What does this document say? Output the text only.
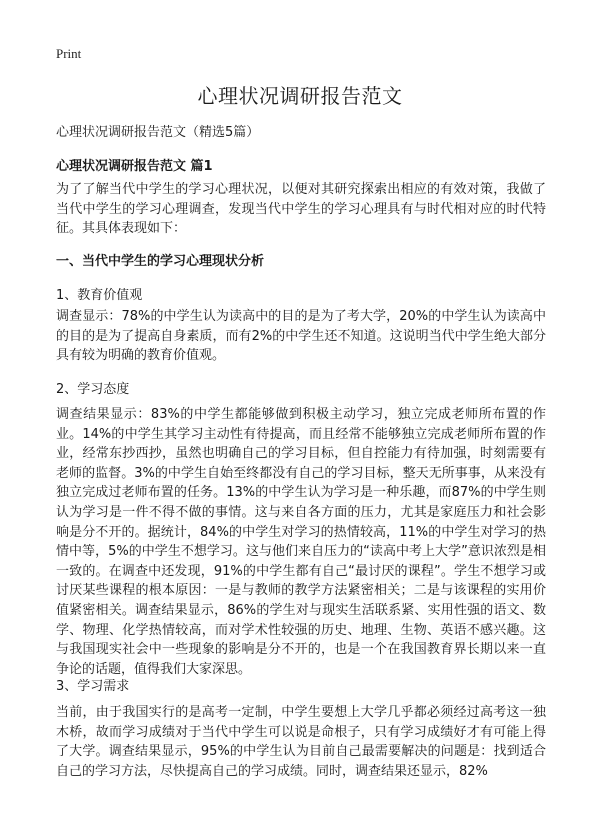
Print
心理状况调研报告范文

心理状况调研报告范文（精选5篇）

心理状况调研报告范文 篇1

为了了解当代中学生的学习心理状况，以便对其研究探索出相应的有效对策，我做了当代中学生的学习心理调查，发现当代中学生的学习心理具有与时代相对应的时代特征。其具体表现如下：

一、当代中学生的学习心理现状分析

1、教育价值观

调查显示：78%的中学生认为读高中的目的是为了考大学，20%的中学生认为读高中的目的是为了提高自身素质，而有2%的中学生还不知道。这说明当代中学生绝大部分具有较为明确的教育价值观。

2、学习态度

调查结果显示：83%的中学生都能够做到积极主动学习，独立完成老师所布置的作业。14%的中学生其学习主动性有待提高，而且经常不能够独立完成老师所布置的作业，经常东抄西抄，虽然也明确自己的学习目标，但自控能力有待加强，时刻需要有老师的监督。3%的中学生自始至终都没有自己的学习目标，整天无所事事，从来没有独立完成过老师布置的任务。13%的中学生认为学习是一种乐趣，而87%的中学生则认为学习是一件不得不做的事情。这与来自各方面的压力，尤其是家庭压力和社会影响是分不开的。据统计，84%的中学生对学习的热情较高，11%的中学生对学习的热情中等，5%的中学生不想学习。这与他们来自压力的“读高中考上大学”意识浓烈是相一致的。在调查中还发现，91%的中学生都有自己“最讨厌的课程”。学生不想学习或讨厌某些课程的根本原因：一是与教师的教学方法紧密相关；二是与该课程的实用价值紧密相关。调查结果显示，86%的学生对与现实生活联系紧、实用性强的语文、数学、物理、化学热情较高，而对学术性较强的历史、地理、生物、英语不感兴趣。这与我国现实社会中一些现象的影响是分不开的，也是一个在我国教育界长期以来一直争论的话题，值得我们大家深思。

3、学习需求

当前，由于我国实行的是高考一定制，中学生要想上大学几乎都必须经过高考这一独木桥，故而学习成绩对于当代中学生可以说是命根子，只有学习成绩好才有可能上得了大学。调查结果显示，95%的中学生认为目前自己最需要解决的问题是：找到适合自己的学习方法，尽快提高自己的学习成绩。同时，调查结果还显示，82%
